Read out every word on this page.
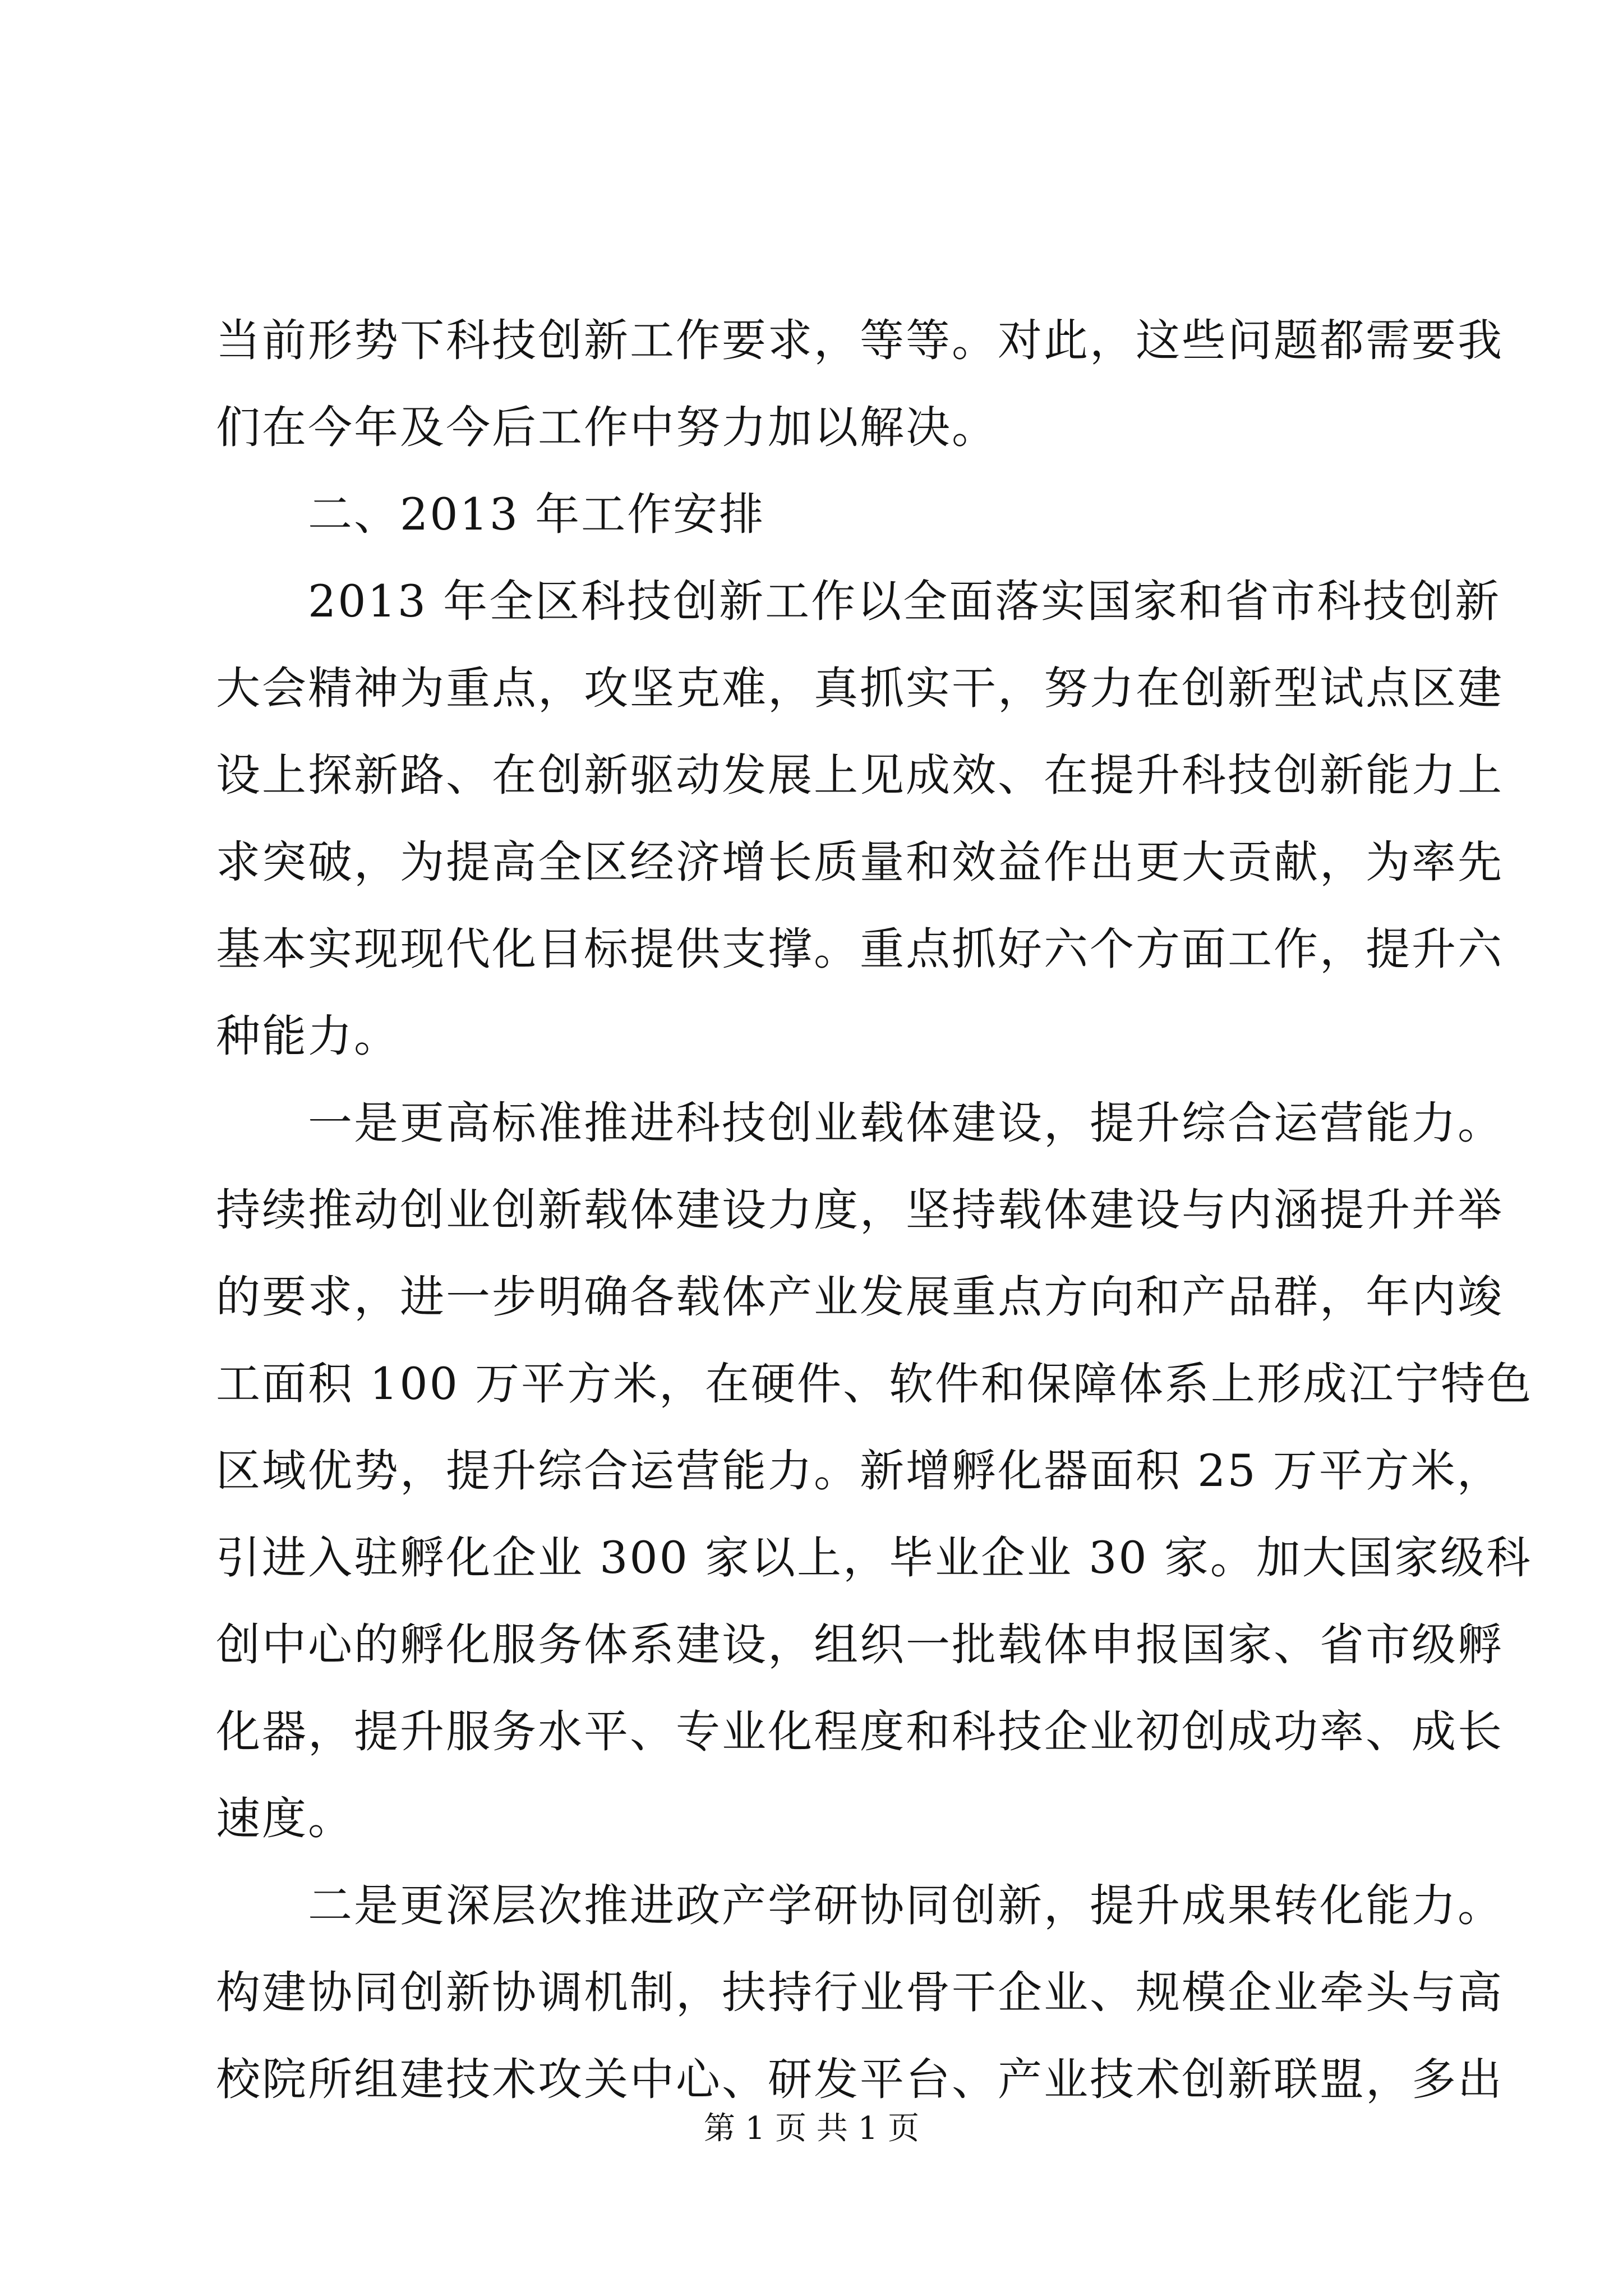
当前形势下科技创新工作要求，等等。对此，这些问题都需要我
们在今年及今后工作中努力加以解决。
　　二、2013 年工作安排
　　2013 年全区科技创新工作以全面落实国家和省市科技创新
大会精神为重点，攻坚克难，真抓实干，努力在创新型试点区建
设上探新路、在创新驱动发展上见成效、在提升科技创新能力上
求突破，为提高全区经济增长质量和效益作出更大贡献，为率先
基本实现现代化目标提供支撑。重点抓好六个方面工作，提升六
种能力。
　　一是更高标准推进科技创业载体建设，提升综合运营能力。
持续推动创业创新载体建设力度，坚持载体建设与内涵提升并举
的要求，进一步明确各载体产业发展重点方向和产品群，年内竣
工面积 100 万平方米，在硬件、软件和保障体系上形成江宁特色
区域优势，提升综合运营能力。新增孵化器面积 25 万平方米，
引进入驻孵化企业 300 家以上，毕业企业 30 家。加大国家级科
创中心的孵化服务体系建设，组织一批载体申报国家、省市级孵
化器，提升服务水平、专业化程度和科技企业初创成功率、成长
速度。
　　二是更深层次推进政产学研协同创新，提升成果转化能力。
构建协同创新协调机制，扶持行业骨干企业、规模企业牵头与高
校院所组建技术攻关中心、研发平台、产业技术创新联盟，多出
第 1 页 共 1 页
